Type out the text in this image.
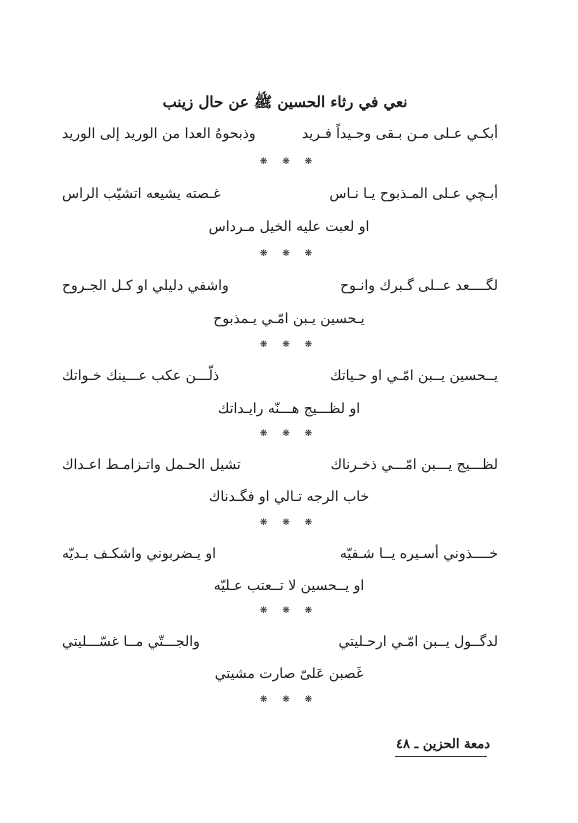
نعي في رثاء الحسين ﷺ عن حال زينب
أبكـي عـلى مـن بـقى وحـيداً فـريد
وذبحوهُ العدا من الوريد إلى الوريد
❋ ❋ ❋
أبـچي عـلى المـذبوح يـا نـاس
غـصته يشيعه اتشيّب الراس
او لعبت عليه الخيل مـرداس
❋ ❋ ❋
لگــــعد عــلى گـبرك وانـوح
واشفي دليلي او كـل الجـروح
يـحسين يـبن امّـي يـمذبوح
❋ ❋ ❋
يــحسين يــبن امّـي او حـياتك
ذلّـــن عكب عـــينك خـواتك
او لظـــيج هـــنّه رايـداتك
❋ ❋ ❋
لظـــيج يـــبن امّـــي ذخـرناك
تشيل الحـمل واتـزامـط اعـداك
خاب الرجه تـالي او فگـدناك
❋ ❋ ❋
خــــذوني أسـيره يــا شـفيّه
او يـضربوني واشكـف بـديّه
او يــحسين لا تــعتب عـليّه
❋ ❋ ❋
لدگــول يــبن امّـي ارحـليتي
والجـــتّي مــا غسّـــليتي
غَصبن عَلىّ صارت مشيتي
❋ ❋ ❋
دمعة الحزين ـ ٤٨
